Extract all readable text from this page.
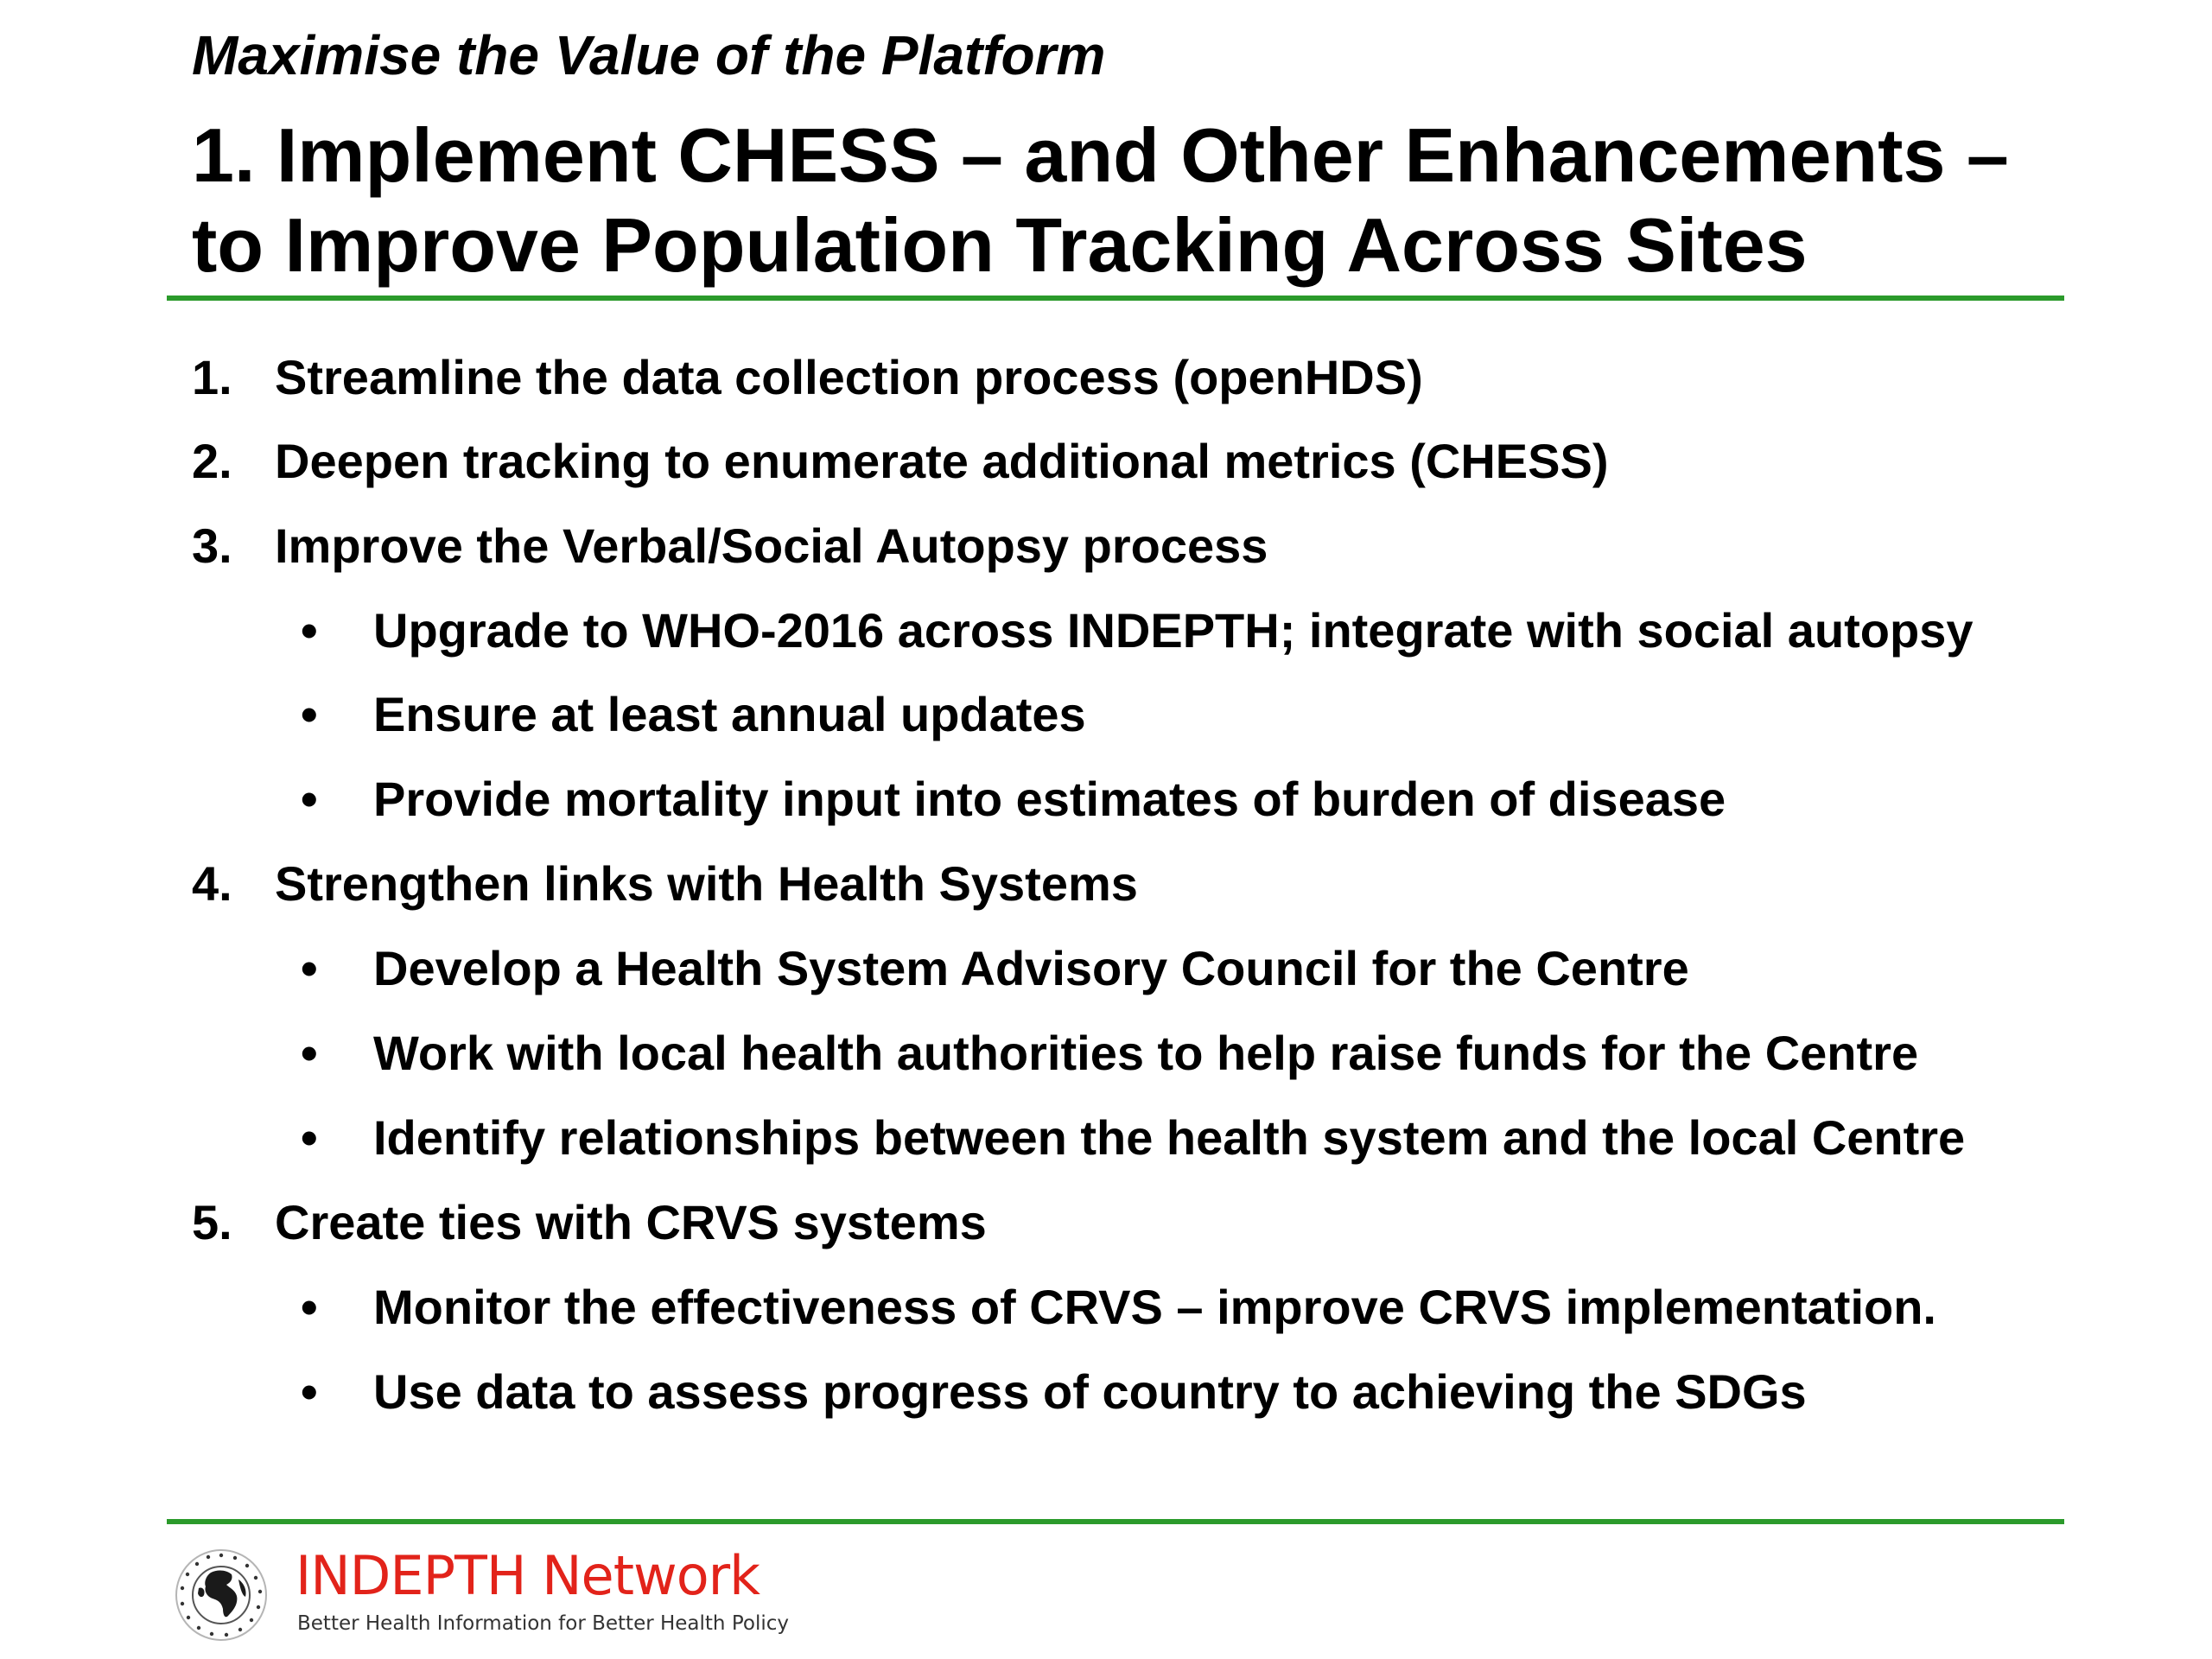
Maximise the Value of the Platform
1. Implement CHESS – and Other Enhancements –
to Improve Population Tracking Across Sites
1. Streamline the data collection process (openHDS)
2. Deepen tracking to enumerate additional metrics (CHESS)
3. Improve the Verbal/Social Autopsy process
• Upgrade to WHO-2016 across INDEPTH; integrate with social autopsy
• Ensure at least annual updates
• Provide mortality input into estimates of burden of disease
4. Strengthen links with Health Systems
• Develop a Health System Advisory Council for the Centre
• Work with local health authorities to help raise funds for the Centre
• Identify relationships between the health system and the local Centre
5. Create ties with CRVS systems
• Monitor the effectiveness of CRVS – improve CRVS implementation.
• Use data to assess progress of country to achieving the SDGs
INDEPTH Network
Better Health Information for Better Health Policy
